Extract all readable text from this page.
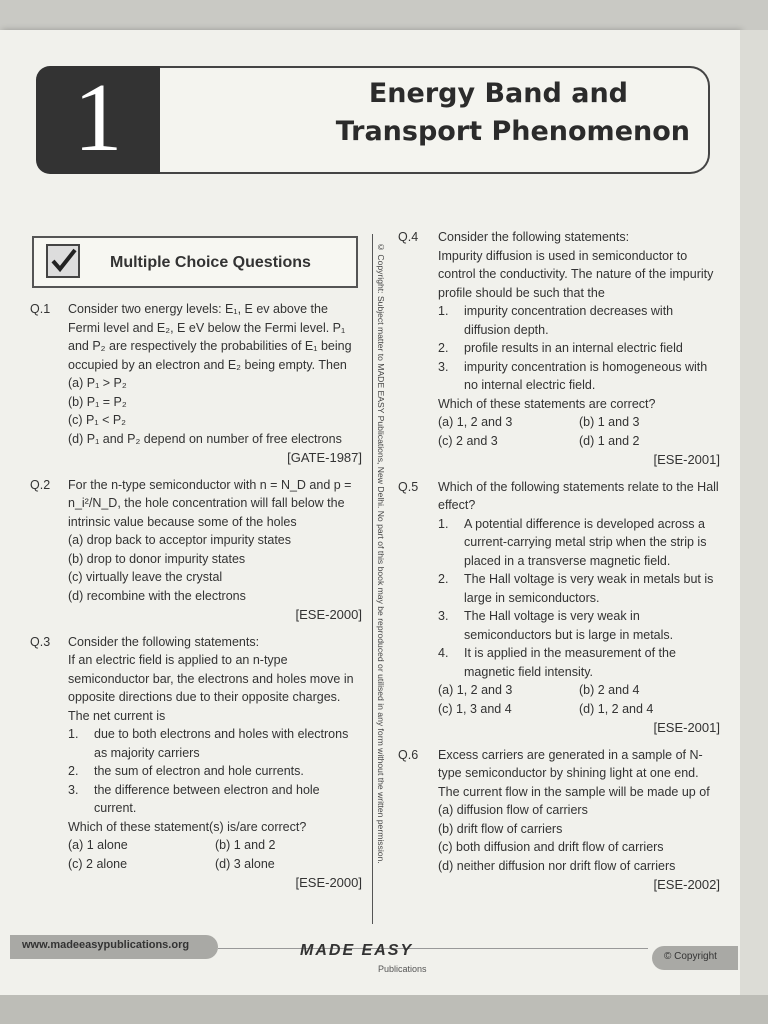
Energy Band and
Transport Phenomenon
1
Multiple Choice Questions	© Copyright: Subject matter to MADE EASY Publications, New Delhi. No part of this book may be reproduced or utilised in any form without the written permission.
Q.1 Consider two energy levels: E₁, E ev above the Fermi level and E₂, E eV below the Fermi level. P₁ and P₂ are respectively the probabilities of E₁ being occupied by an electron and E₂ being empty. Then
(a) P₁ > P₂
(b) P₁ = P₂
(c) P₁ < P₂
(d) P₁ and P₂ depend on number of free electrons
[GATE-1987]
Q.2 For the n-type semiconductor with n = N_D and p = n_i²/N_D, the hole concentration will fall below the intrinsic value because some of the holes
(a) drop back to acceptor impurity states
(b) drop to donor impurity states
(c) virtually leave the crystal
(d) recombine with the electrons
[ESE-2000]
Q.3 Consider the following statements:
If an electric field is applied to an n-type semiconductor bar, the electrons and holes move in opposite directions due to their opposite charges. The net current is
1. due to both electrons and holes with electrons as majority carriers
2. the sum of electron and hole currents.
3. the difference between electron and hole current.
Which of these statement(s) is/are correct?
(a) 1 alone	(b) 1 and 2
(c) 2 alone	(d) 3 alone
[ESE-2000]
Q.4 Consider the following statements:
Impurity diffusion is used in semiconductor to control the conductivity. The nature of the impurity profile should be such that the
1. impurity concentration decreases with diffusion depth.
2. profile results in an internal electric field
3. impurity concentration is homogeneous with no internal electric field.
Which of these statements are correct?
(a) 1, 2 and 3	(b) 1 and 3
(c) 2 and 3	(d) 1 and 2
[ESE-2001]
Q.5 Which of the following statements relate to the Hall effect?
1. A potential difference is developed across a current-carrying metal strip when the strip is placed in a transverse magnetic field.
2. The Hall voltage is very weak in metals but is large in semiconductors.
3. The Hall voltage is very weak in semiconductors but is large in metals.
4. It is applied in the measurement of the magnetic field intensity.
(a) 1, 2 and 3	(b) 2 and 4
(c) 1, 3 and 4	(d) 1, 2 and 4
[ESE-2001]
Q.6 Excess carriers are generated in a sample of N-type semiconductor by shining light at one end. The current flow in the sample will be made up of
(a) diffusion flow of carriers
(b) drift flow of carriers
(c) both diffusion and drift flow of carriers
(d) neither diffusion nor drift flow of carriers
[ESE-2002]
www.madeeasypublications.org	MADE EASY
Publications
© Copyright
